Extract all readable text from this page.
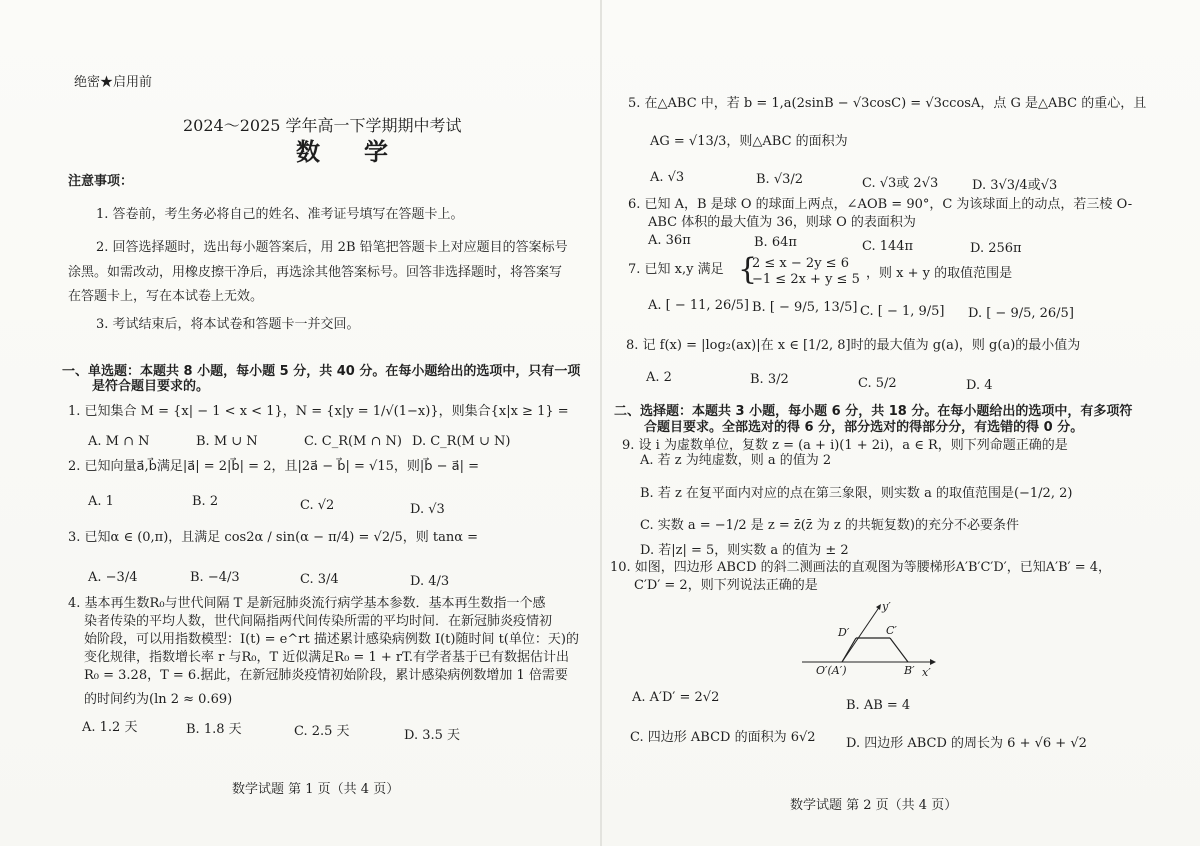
绝密★启用前
2024～2025 学年高一下学期期中考试
数　学
注意事项：
1. 答卷前，考生务必将自己的姓名、准考证号填写在答题卡上。
2. 回答选择题时，选出每小题答案后，用 2B 铅笔把答题卡上对应题目的答案标号
涂黑。如需改动，用橡皮擦干净后，再选涂其他答案标号。回答非选择题时，将答案写
在答题卡上，写在本试卷上无效。
3. 考试结束后，将本试卷和答题卡一并交回。
一、单选题：本题共 8 小题，每小题 5 分，共 40 分。在每小题给出的选项中，只有一项
是符合题目要求的。
1. 已知集合 M = {x| − 1 < x < 1}，N = {x|y = 1/√(1−x)}，则集合{x|x ≥ 1} =
A. M ∩ N	B. M ∪ N	C. C_R(M ∩ N) D. C_R(M ∪ N)
2. 已知向量a⃗,b⃗满足|a⃗| = 2|b⃗| = 2，且|2a⃗ − b⃗| = √15，则|b⃗ − a⃗| =
A. 1	B. 2	C. √2	D. √3
3. 已知α ∈ (0,π)，且满足 cos2α / sin(α − π/4) = √2/5，则 tanα =
A. −3/4	B. −4/3	C. 3/4	D. 4/3
4. 基本再生数R₀与世代间隔 T 是新冠肺炎流行病学基本参数．基本再生数指一个感
染者传染的平均人数，世代间隔指两代间传染所需的平均时间．在新冠肺炎疫情初
始阶段，可以用指数模型：I(t) = e^rt 描述累计感染病例数 I(t)随时间 t(单位：天)的
变化规律，指数增长率 r 与R₀，T 近似满足R₀ = 1 + rT.有学者基于已有数据估计出
R₀ = 3.28，T = 6.据此，在新冠肺炎疫情初始阶段，累计感染病例数增加 1 倍需要
的时间约为(ln 2 ≈ 0.69)
A. 1.2 天	B. 1.8 天	C. 2.5 天	D. 3.5 天
数学试题 第 1 页（共 4 页）
5. 在△ABC 中，若 b = 1,a(2sinB − √3cosC) = √3ccosA，点 G 是△ABC 的重心，且
AG = √13/3，则△ABC 的面积为
A. √3	B. √3/2	C. √3或 2√3	D. 3√3/4或√3
6. 已知 A，B 是球 O 的球面上两点，∠AOB = 90°，C 为该球面上的动点，若三棱 O-
ABC 体积的最大值为 36，则球 O 的表面积为
A. 36π	B. 64π	C. 144π	D. 256π
7. 已知 x,y 满足 {
2 ≤ x − 2y ≤ 6
−1 ≤ 2x + y ≤ 5 ，则 x + y 的取值范围是
A. [ − 11, 26/5] B. [ − 9/5, 13/5] C. [ − 1, 9/5] D. [ − 9/5, 26/5]
8. 记 f(x) = |log₂(ax)|在 x ∈ [1/2, 8]时的最大值为 g(a)，则 g(a)的最小值为
A. 2	B. 3/2	C. 5/2	D. 4
二、选择题：本题共 3 小题，每小题 6 分，共 18 分。在每小题给出的选项中，有多项符
合题目要求。全部选对的得 6 分，部分选对的得部分分，有选错的得 0 分。
9. 设 i 为虚数单位，复数 z = (a + i)(1 + 2i)，a ∈ R，则下列命题正确的是
A. 若 z 为纯虚数，则 a 的值为 2
B. 若 z 在复平面内对应的点在第三象限，则实数 a 的取值范围是(−1/2, 2)
C. 实数 a = −1/2 是 z = z̄(z̄ 为 z 的共轭复数)的充分不必要条件
D. 若|z| = 5，则实数 a 的值为 ± 2
10. 如图，四边形 ABCD 的斜二测画法的直观图为等腰梯形A′B′C′D′，已知A′B′ = 4，
C′D′ = 2，则下列说法正确的是
y′
D′	C′
O′(A′)	B′ x′
A. A′D′ = 2√2
B. AB = 4
C. 四边形 ABCD 的面积为 6√2 D. 四边形 ABCD 的周长为 6 + √6 + √2
数学试题 第 2 页（共 4 页）
